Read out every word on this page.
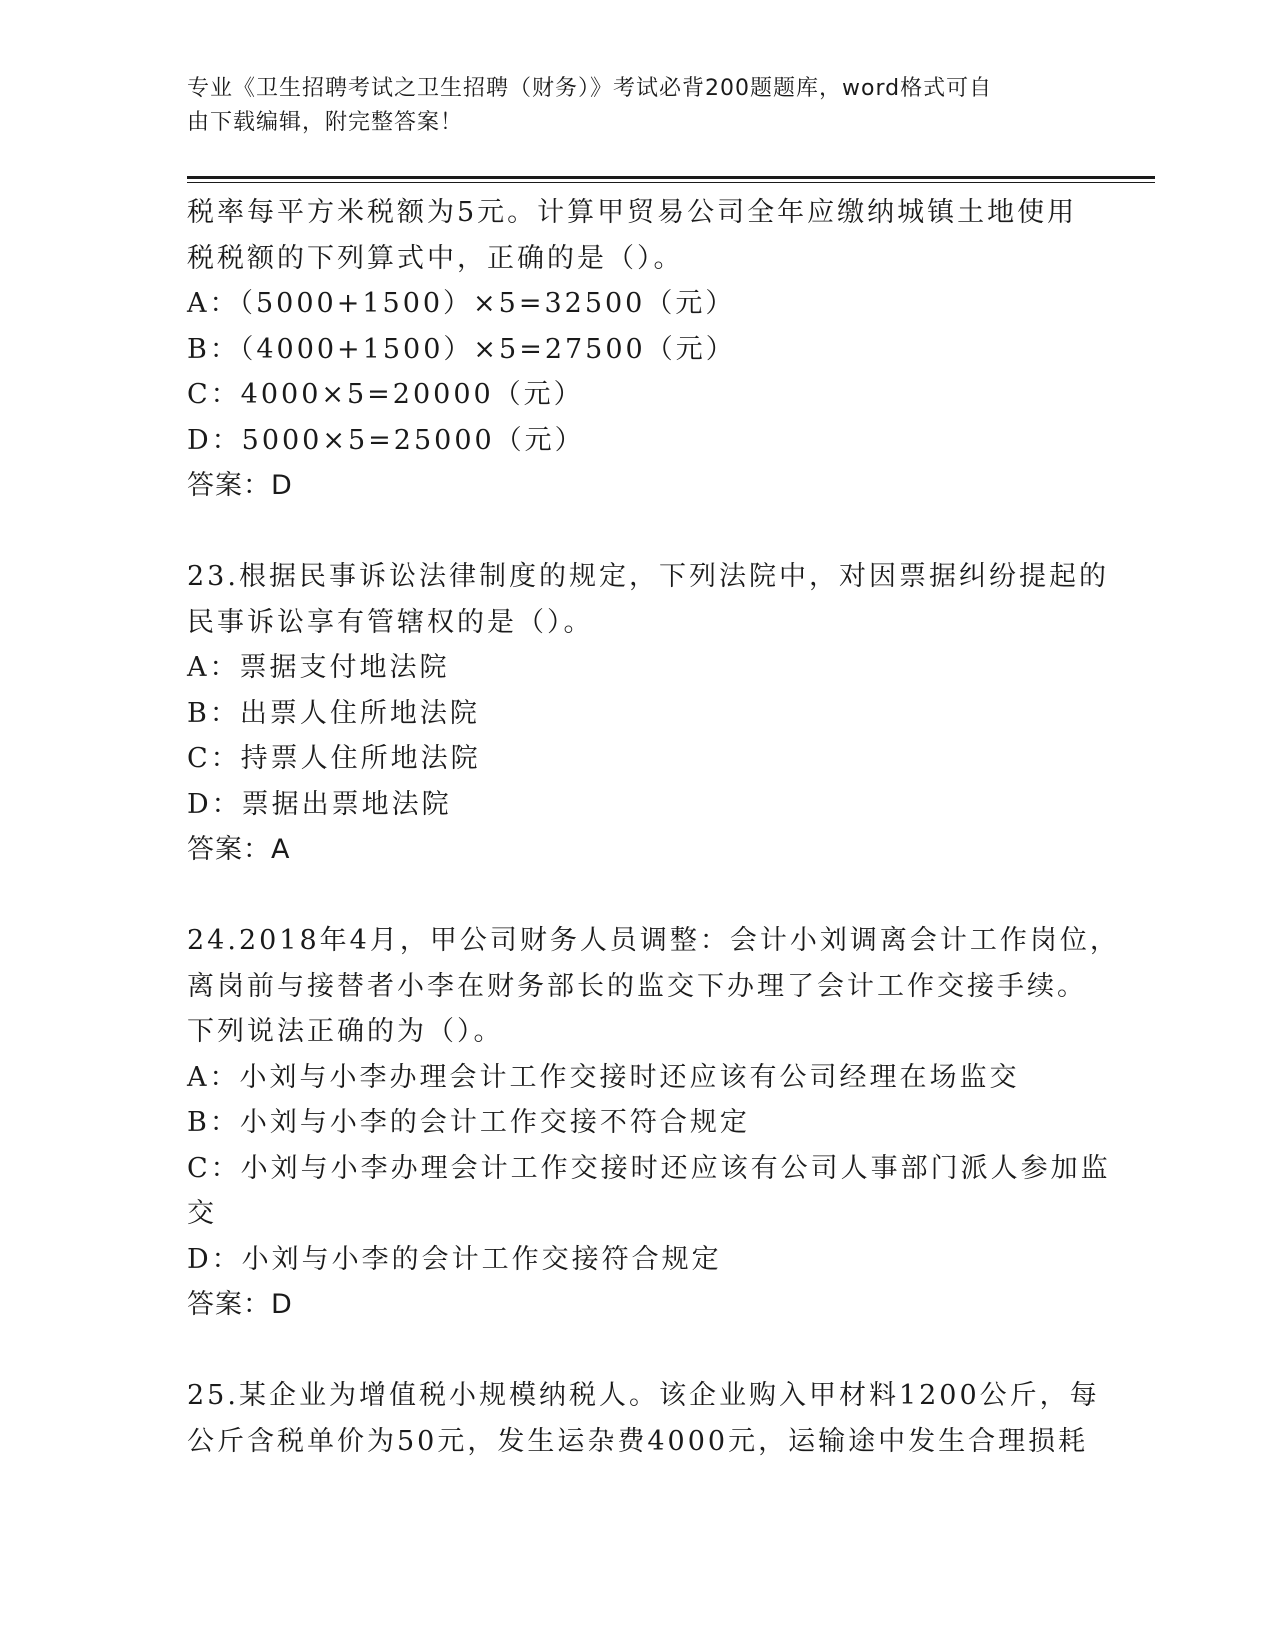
专业《卫生招聘考试之卫生招聘（财务）》考试必背200题题库，word格式可自
由下载编辑，附完整答案！
税率每平方米税额为5元。计算甲贸易公司全年应缴纳城镇土地使用
税税额的下列算式中，正确的是（）。
A：（5000+1500）×5=32500（元）
B：（4000+1500）×5=27500（元）
C：4000×5=20000（元）
D：5000×5=25000（元）
答案：D
23.根据民事诉讼法律制度的规定，下列法院中，对因票据纠纷提起的
民事诉讼享有管辖权的是（）。
A：票据支付地法院
B：出票人住所地法院
C：持票人住所地法院
D：票据出票地法院
答案：A
24.2018年4月，甲公司财务人员调整：会计小刘调离会计工作岗位，
离岗前与接替者小李在财务部长的监交下办理了会计工作交接手续。
下列说法正确的为（）。
A：小刘与小李办理会计工作交接时还应该有公司经理在场监交
B：小刘与小李的会计工作交接不符合规定
C：小刘与小李办理会计工作交接时还应该有公司人事部门派人参加监
交
D：小刘与小李的会计工作交接符合规定
答案：D
25.某企业为增值税小规模纳税人。该企业购入甲材料1200公斤，每
公斤含税单价为50元，发生运杂费4000元，运输途中发生合理损耗
